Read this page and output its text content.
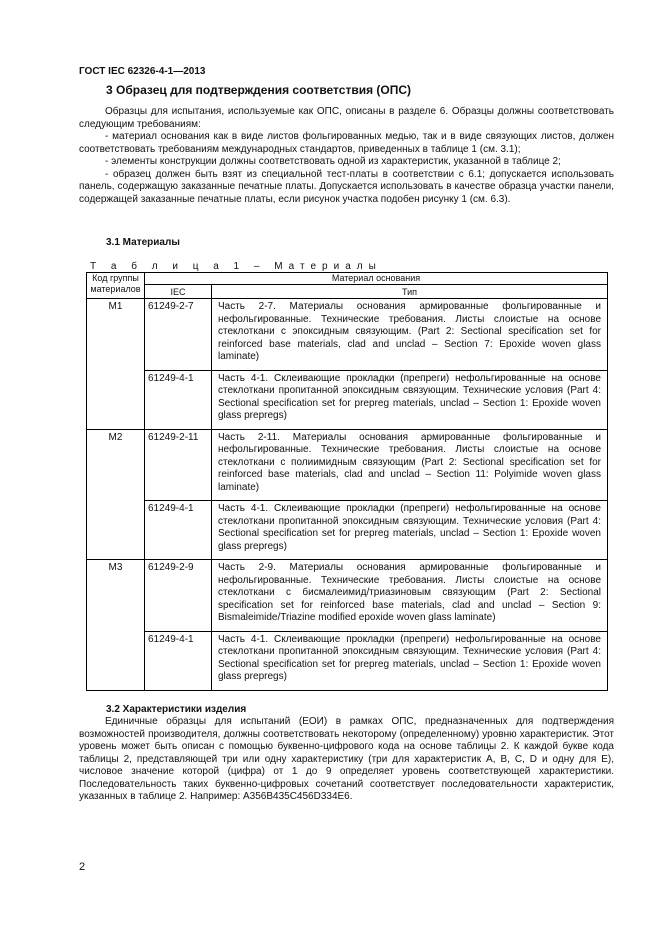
ГОСТ IEC 62326-4-1—2013
3 Образец для подтверждения соответствия (ОПС)

Образцы для испытания, используемые как ОПС, описаны в разделе 6. Образцы должны соответствовать следующим требованиям:

- материал основания как в виде листов фольгированных медью, так и в виде связующих листов, должен соответствовать требованиям международных стандартов, приведенных в таблице 1 (см. 3.1);

- элементы конструкции должны соответствовать одной из характеристик, указанной в таблице 2;

- образец должен быть взят из специальной тест-платы в соответствии с 6.1; допускается использовать панель, содержащую заказанные печатные платы. Допускается использовать в качестве образца участки панели, содержащей заказанные печатные платы, если рисунок участка подобен рисунку 1 (см. 6.3).

3.1 Материалы
Т а б л и ц а 1 – Материалы
Код группы материалов	Материал основания	
	IEC	Тип
M1	61249-2-7	Часть 2-7. Материалы основания армированные фольгированные и нефольгированные. Технические требования. Листы слоистые на основе стеклоткани с эпоксидным связующим. (Part 2: Sectional specification set for reinforced base materials, clad and unclad – Section 7: Epoxide woven glass laminate)
	61249-4-1	Часть 4-1. Склеивающие прокладки (препреги) нефольгированные на основе стеклоткани пропитанной эпоксидным связующим. Технические условия (Part 4: Sectional specification set for prepreg materials, unclad – Section 1: Epoxide woven glass prepregs)
M2	61249-2-11	Часть 2-11. Материалы основания армированные фольгированные и нефольгированные. Технические требования. Листы слоистые на основе стеклоткани с полиимидным связующим (Part 2: Sectional specification set for reinforced base materials, clad and unclad – Section 11: Polyimide woven glass laminate)
	61249-4-1	Часть 4-1. Склеивающие прокладки (препреги) нефольгированные на основе стеклоткани пропитанной эпоксидным связующим. Технические условия (Part 4: Sectional specification set for prepreg materials, unclad – Section 1: Epoxide woven glass prepregs)
M3	61249-2-9	Часть 2-9. Материалы основания армированные фольгированные и нефольгированные. Технические требования. Листы слоистые на основе стеклоткани с бисмалеимид/триазиновым связующим (Part 2: Sectional specification set for reinforced base materials, clad and unclad – Section 9: Bismaleimide/Triazine modified epoxide woven glass laminate)
	61249-4-1	Часть 4-1. Склеивающие прокладки (препреги) нефольгированные на основе стеклоткани пропитанной эпоксидным связующим. Технические условия (Part 4: Sectional specification set for prepreg materials, unclad – Section 1: Epoxide woven glass prepregs)
3.2 Характеристики изделия

Единичные образцы для испытаний (ЕОИ) в рамках ОПС, предназначенных для подтверждения возможностей производителя, должны соответствовать некоторому (определенному) уровню характеристик. Этот уровень может быть описан с помощью буквенно-цифрового кода на основе таблицы 2. К каждой букве кода таблицы 2, представляющей три или одну характеристику (три для характеристик A, B, C, D и одну для E), числовое значение которой (цифра) от 1 до 9 определяет уровень соответствующей характеристики. Последовательность таких буквенно-цифровых сочетаний соответствует последовательности характеристик, указанных в таблице 2. Например: A356B435C456D334E6.

2
